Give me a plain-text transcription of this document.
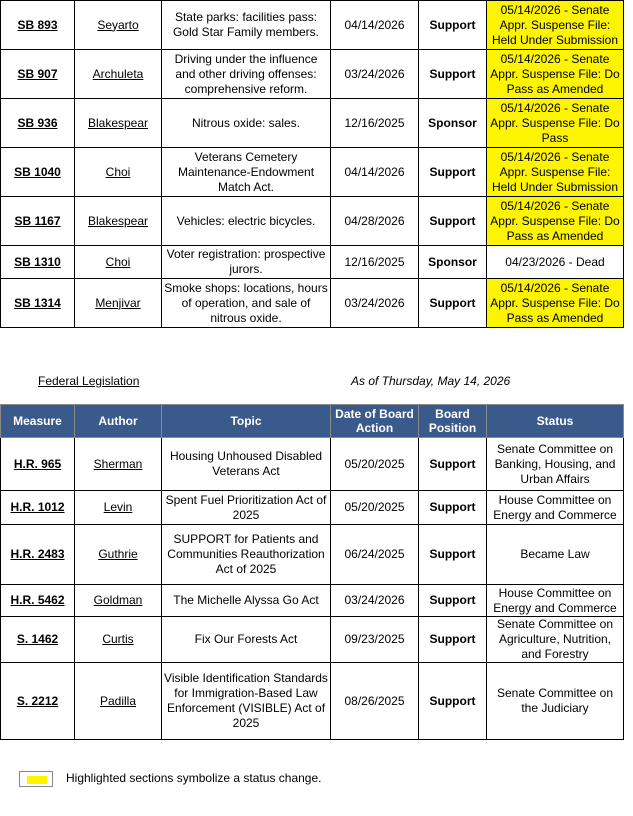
SB 893	Seyarto	State parks: facilities pass: Gold Star Family members.	04/14/2026	Support	05/14/2026 - Senate Appr. Suspense File: Held Under Submission
SB 907	Archuleta	Driving under the influence and other driving offenses: comprehensive reform.	03/24/2026	Support	05/14/2026 - Senate Appr. Suspense File: Do Pass as Amended
SB 936	Blakespear	Nitrous oxide: sales.	12/16/2025	Sponsor	05/14/2026 - Senate Appr. Suspense File: Do Pass
SB 1040	Choi	Veterans Cemetery Maintenance-Endowment Match Act.	04/14/2026	Support	05/14/2026 - Senate Appr. Suspense File: Held Under Submission
SB 1167	Blakespear	Vehicles: electric bicycles.	04/28/2026	Support	05/14/2026 - Senate Appr. Suspense File: Do Pass as Amended
SB 1310	Choi	Voter registration: prospective jurors.	12/16/2025	Sponsor	04/23/2026 - Dead
SB 1314	Menjivar	Smoke shops: locations, hours of operation, and sale of nitrous oxide.	03/24/2026	Support	05/14/2026 - Senate Appr. Suspense File: Do Pass as Amended
Federal Legislation	As of Thursday, May 14, 2026
Measure	Author	Topic	Date of Board Action	Board Position	Status
H.R. 965	Sherman	Housing Unhoused Disabled Veterans Act	05/20/2025	Support	Senate Committee on Banking, Housing, and Urban Affairs
H.R. 1012	Levin	Spent Fuel Prioritization Act of 2025	05/20/2025	Support	House Committee on Energy and Commerce
H.R. 2483	Guthrie	SUPPORT for Patients and Communities Reauthorization Act of 2025	06/24/2025	Support	Became Law
H.R. 5462	Goldman	The Michelle Alyssa Go Act	03/24/2026	Support	House Committee on Energy and Commerce
S. 1462	Curtis	Fix Our Forests Act	09/23/2025	Support	Senate Committee on Agriculture, Nutrition, and Forestry
S. 2212	Padilla	Visible Identification Standards for Immigration-Based Law Enforcement (VISIBLE) Act of 2025	08/26/2025	Support	Senate Committee on the Judiciary
Highlighted sections symbolize a status change.
